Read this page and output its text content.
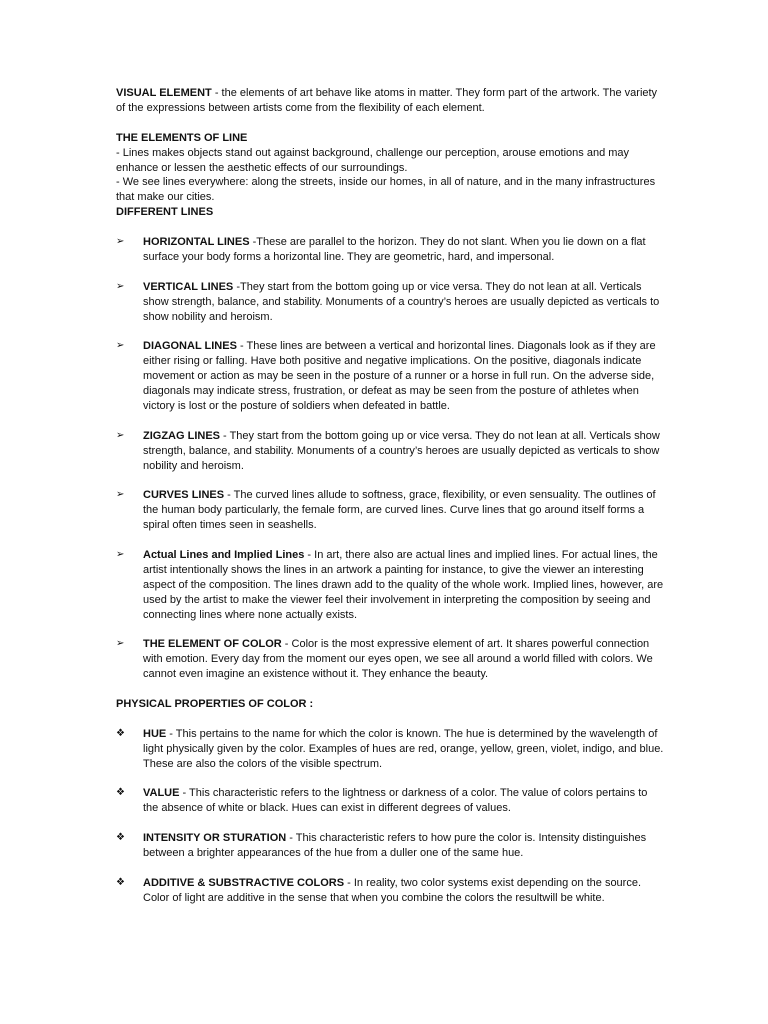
VISUAL ELEMENT - the elements of art behave like atoms in matter. They form part of the artwork. The variety of the expressions between artists come from the flexibility of each element.

THE ELEMENTS OF LINE

- Lines makes objects stand out against background, challenge our perception, arouse emotions and may enhance or lessen the aesthetic effects of our surroundings.

- We see lines everywhere: along the streets, inside our homes, in all of nature, and in the many infrastructures that make our cities.

DIFFERENT LINES

➢	HORIZONTAL LINES -These are parallel to the horizon. They do not slant. When you lie down on a flat surface your body forms a horizontal line. They are geometric, hard, and impersonal.
➢	VERTICAL LINES -They start from the bottom going up or vice versa. They do not lean at all. Verticals show strength, balance, and stability. Monuments of a country’s heroes are usually depicted as verticals to show nobility and heroism.
➢	DIAGONAL LINES - These lines are between a vertical and horizontal lines. Diagonals look as if they are either rising or falling. Have both positive and negative implications. On the positive, diagonals indicate movement or action as may be seen in the posture of a runner or a horse in full run. On the adverse side, diagonals may indicate stress, frustration, or defeat as may be seen from the posture of athletes when victory is lost or the posture of soldiers when defeated in battle.
➢	ZIGZAG LINES - They start from the bottom going up or vice versa. They do not lean at all. Verticals show strength, balance, and stability. Monuments of a country’s heroes are usually depicted as verticals to show nobility and heroism.
➢	CURVES LINES - The curved lines allude to softness, grace, flexibility, or even sensuality. The outlines of the human body particularly, the female form, are curved lines. Curve lines that go around itself forms a spiral often times seen in seashells.
➢	Actual Lines and Implied Lines - In art, there also are actual lines and implied lines. For actual lines, the artist intentionally shows the lines in an artwork a painting for instance, to give the viewer an interesting aspect of the composition. The lines drawn add to the quality of the whole work. Implied lines, however, are used by the artist to make the viewer feel their involvement in interpreting the composition by seeing and connecting lines where none actually exists.
➢	THE ELEMENT OF COLOR - Color is the most expressive element of art. It shares powerful connection with emotion. Every day from the moment our eyes open, we see all around a world filled with colors. We cannot even imagine an existence without it. They enhance the beauty.

PHYSICAL PROPERTIES OF COLOR :

❖	HUE - This pertains to the name for which the color is known. The hue is determined by the wavelength of light physically given by the color. Examples of hues are red, orange, yellow, green, violet, indigo, and blue. These are also the colors of the visible spectrum.
❖	VALUE - This characteristic refers to the lightness or darkness of a color. The value of colors pertains to the absence of white or black. Hues can exist in different degrees of values.
❖	INTENSITY OR STURATION - This characteristic refers to how pure the color is. Intensity distinguishes between a brighter appearances of the hue from a duller one of the same hue.
❖	ADDITIVE & SUBSTRACTIVE COLORS - In reality, two color systems exist depending on the source. Color of light are additive in the sense that when you combine the colors the resultwill be white.
